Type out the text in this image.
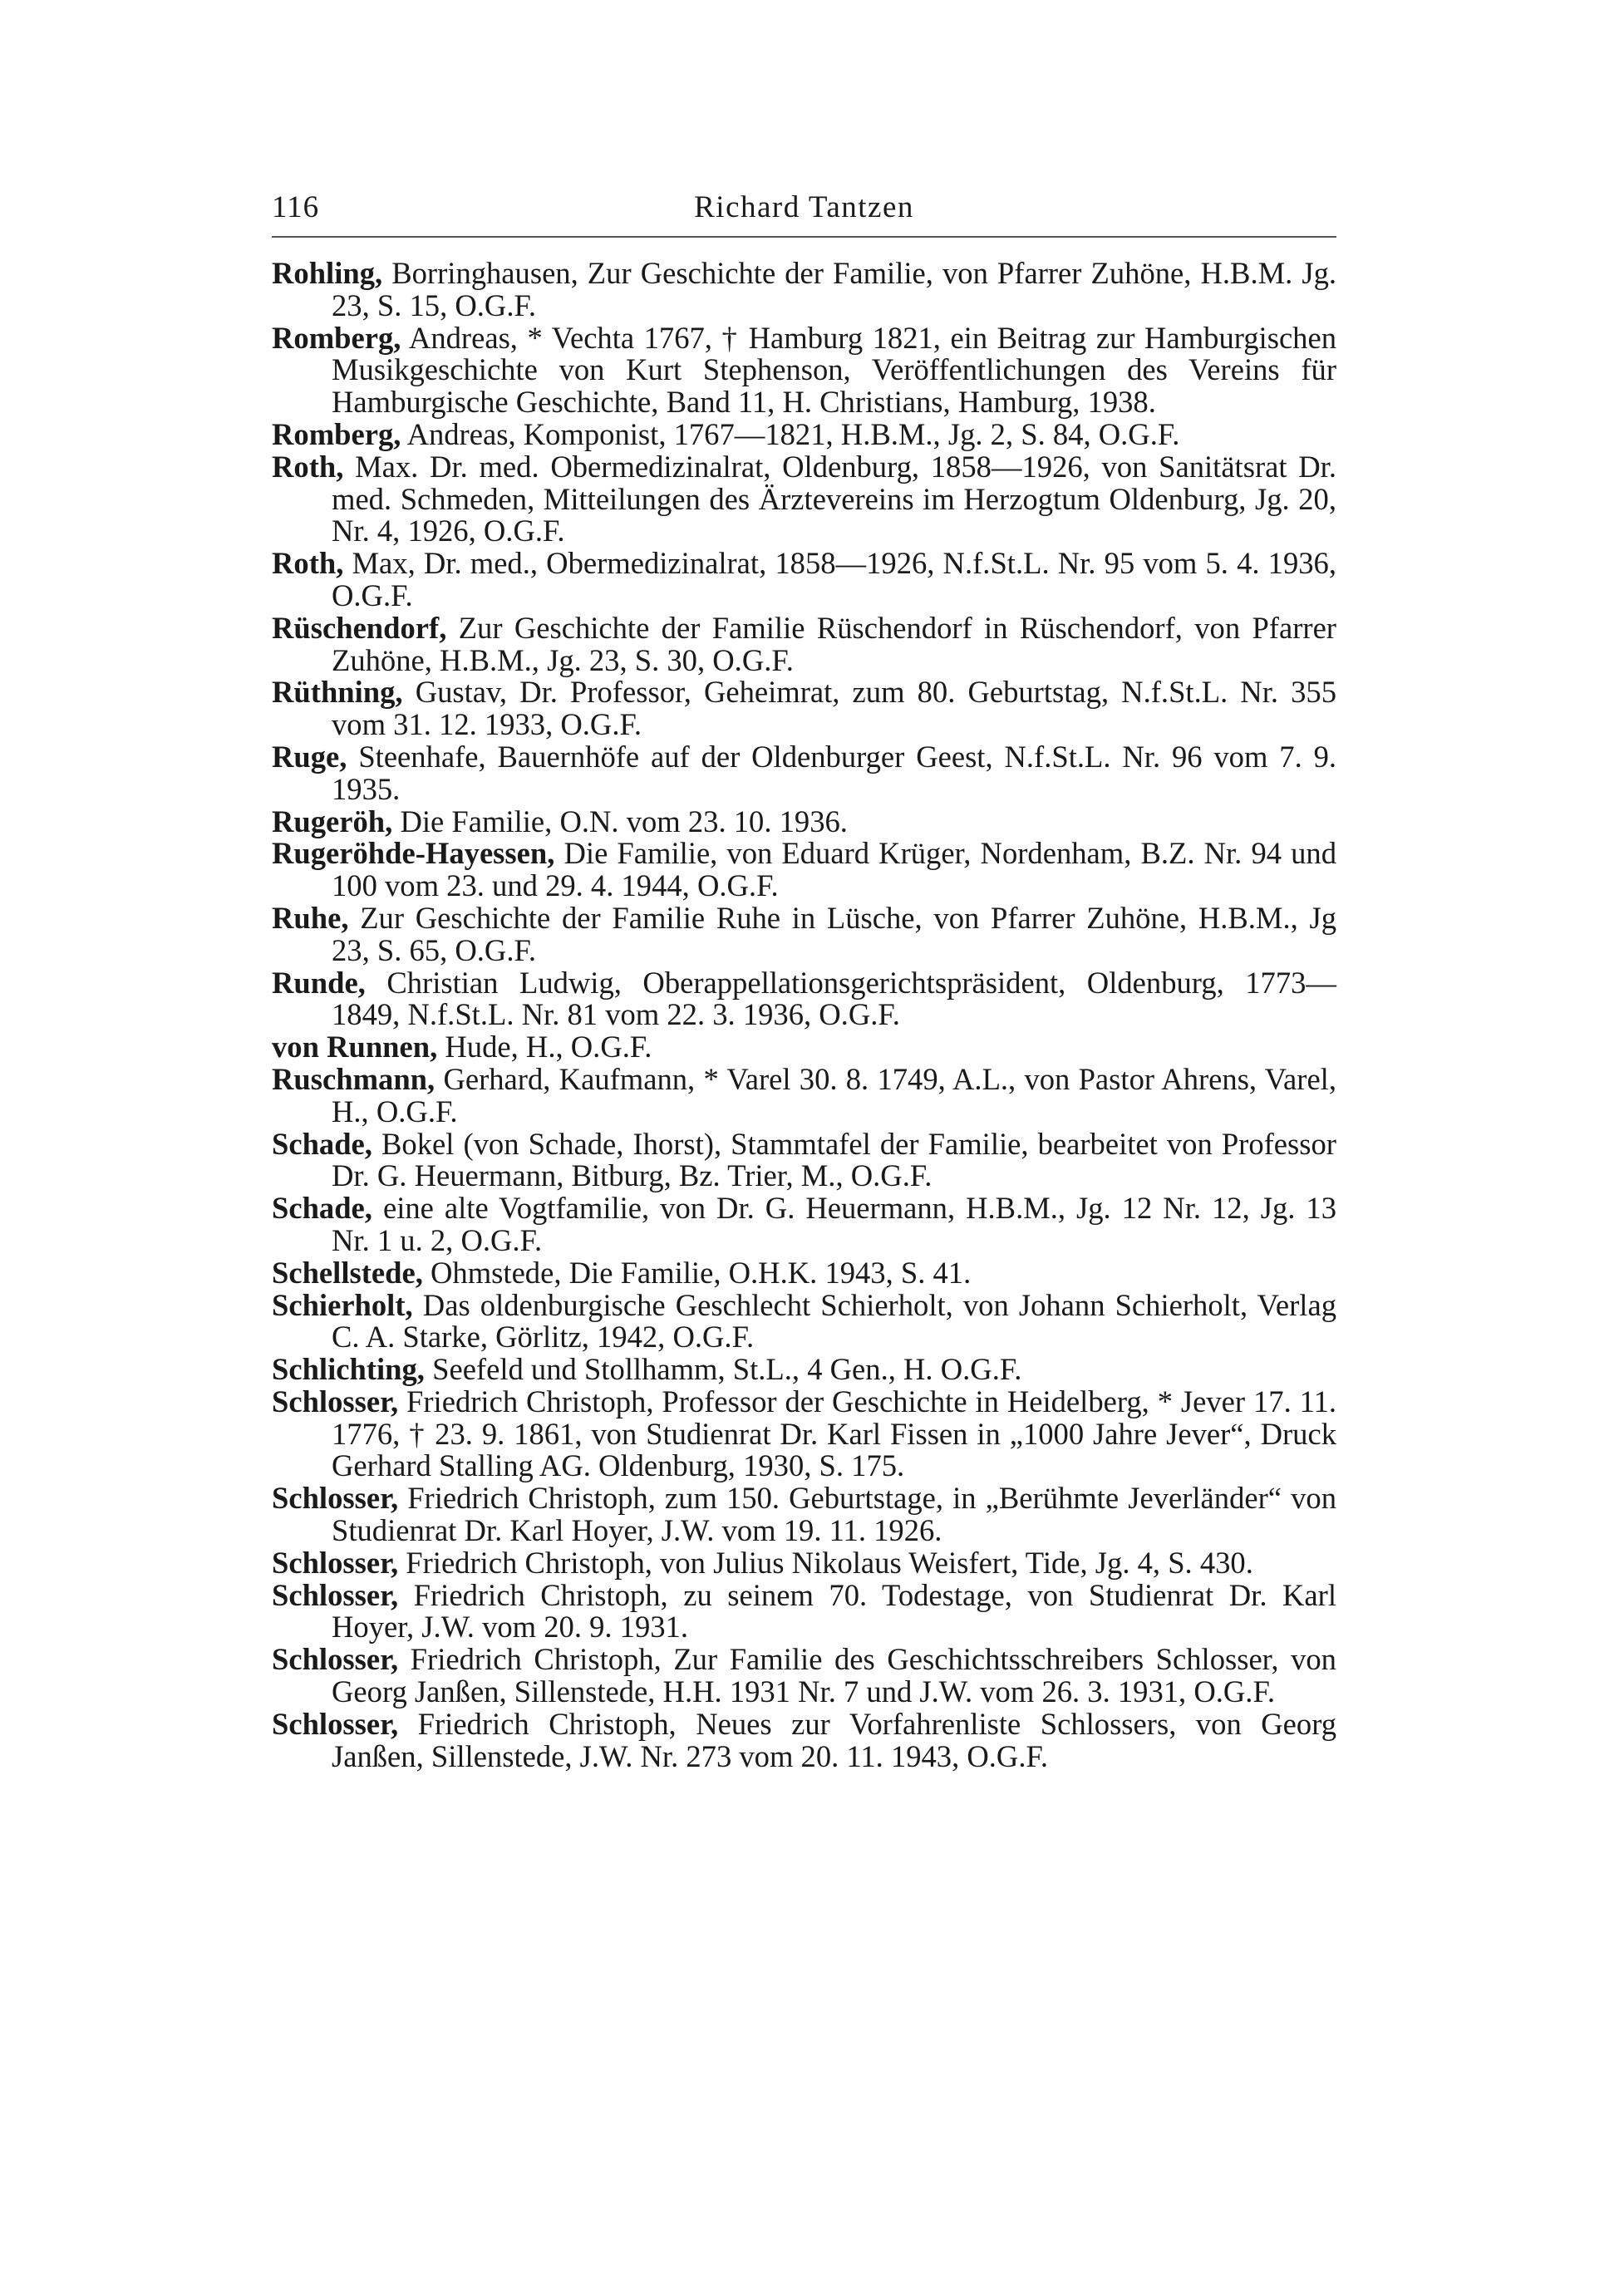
116	Richard Tantzen

Rohling, Borringhausen, Zur Geschichte der Familie, von Pfarrer Zuhöne, H.B.M. Jg. 23, S. 15, O.G.F.

Romberg, Andreas, * Vechta 1767, † Hamburg 1821, ein Beitrag zur Hamburgischen Musikgeschichte von Kurt Stephenson, Veröffentlichungen des Vereins für Hamburgische Geschichte, Band 11, H. Christians, Hamburg, 1938.

Romberg, Andreas, Komponist, 1767—1821, H.B.M., Jg. 2, S. 84, O.G.F.

Roth, Max. Dr. med. Obermedizinalrat, Oldenburg, 1858—1926, von Sanitätsrat Dr. med. Schmeden, Mitteilungen des Ärztevereins im Herzogtum Oldenburg, Jg. 20, Nr. 4, 1926, O.G.F.

Roth, Max, Dr. med., Obermedizinalrat, 1858—1926, N.f.St.L. Nr. 95 vom 5. 4. 1936, O.G.F.

Rüschendorf, Zur Geschichte der Familie Rüschendorf in Rüschendorf, von Pfarrer Zuhöne, H.B.M., Jg. 23, S. 30, O.G.F.

Rüthning, Gustav, Dr. Professor, Geheimrat, zum 80. Geburtstag, N.f.St.L. Nr. 355 vom 31. 12. 1933, O.G.F.

Ruge, Steenhafe, Bauernhöfe auf der Oldenburger Geest, N.f.St.L. Nr. 96 vom 7. 9. 1935.

Rugeröh, Die Familie, O.N. vom 23. 10. 1936.

Rugeröhde-Hayessen, Die Familie, von Eduard Krüger, Nordenham, B.Z. Nr. 94 und 100 vom 23. und 29. 4. 1944, O.G.F.

Ruhe, Zur Geschichte der Familie Ruhe in Lüsche, von Pfarrer Zuhöne, H.B.M., Jg 23, S. 65, O.G.F.

Runde, Christian Ludwig, Oberappellationsgerichtspräsident, Oldenburg, 1773—1849, N.f.St.L. Nr. 81 vom 22. 3. 1936, O.G.F.

von Runnen, Hude, H., O.G.F.

Ruschmann, Gerhard, Kaufmann, * Varel 30. 8. 1749, A.L., von Pastor Ahrens, Varel, H., O.G.F.

Schade, Bokel (von Schade, Ihorst), Stammtafel der Familie, bearbeitet von Professor Dr. G. Heuermann, Bitburg, Bz. Trier, M., O.G.F.

Schade, eine alte Vogtfamilie, von Dr. G. Heuermann, H.B.M., Jg. 12 Nr. 12, Jg. 13 Nr. 1 u. 2, O.G.F.

Schellstede, Ohmstede, Die Familie, O.H.K. 1943, S. 41.

Schierholt, Das oldenburgische Geschlecht Schierholt, von Johann Schierholt, Verlag C. A. Starke, Görlitz, 1942, O.G.F.

Schlichting, Seefeld und Stollhamm, St.L., 4 Gen., H. O.G.F.

Schlosser, Friedrich Christoph, Professor der Geschichte in Heidelberg, * Jever 17. 11. 1776, † 23. 9. 1861, von Studienrat Dr. Karl Fissen in „1000 Jahre Jever“, Druck Gerhard Stalling AG. Oldenburg, 1930, S. 175.

Schlosser, Friedrich Christoph, zum 150. Geburtstage, in „Berühmte Jeverländer“ von Studienrat Dr. Karl Hoyer, J.W. vom 19. 11. 1926.

Schlosser, Friedrich Christoph, von Julius Nikolaus Weisfert, Tide, Jg. 4, S. 430.

Schlosser, Friedrich Christoph, zu seinem 70. Todestage, von Studienrat Dr. Karl Hoyer, J.W. vom 20. 9. 1931.

Schlosser, Friedrich Christoph, Zur Familie des Geschichtsschreibers Schlosser, von Georg Janßen, Sillenstede, H.H. 1931 Nr. 7 und J.W. vom 26. 3. 1931, O.G.F.

Schlosser, Friedrich Christoph, Neues zur Vorfahrenliste Schlossers, von Georg Janßen, Sillenstede, J.W. Nr. 273 vom 20. 11. 1943, O.G.F.
